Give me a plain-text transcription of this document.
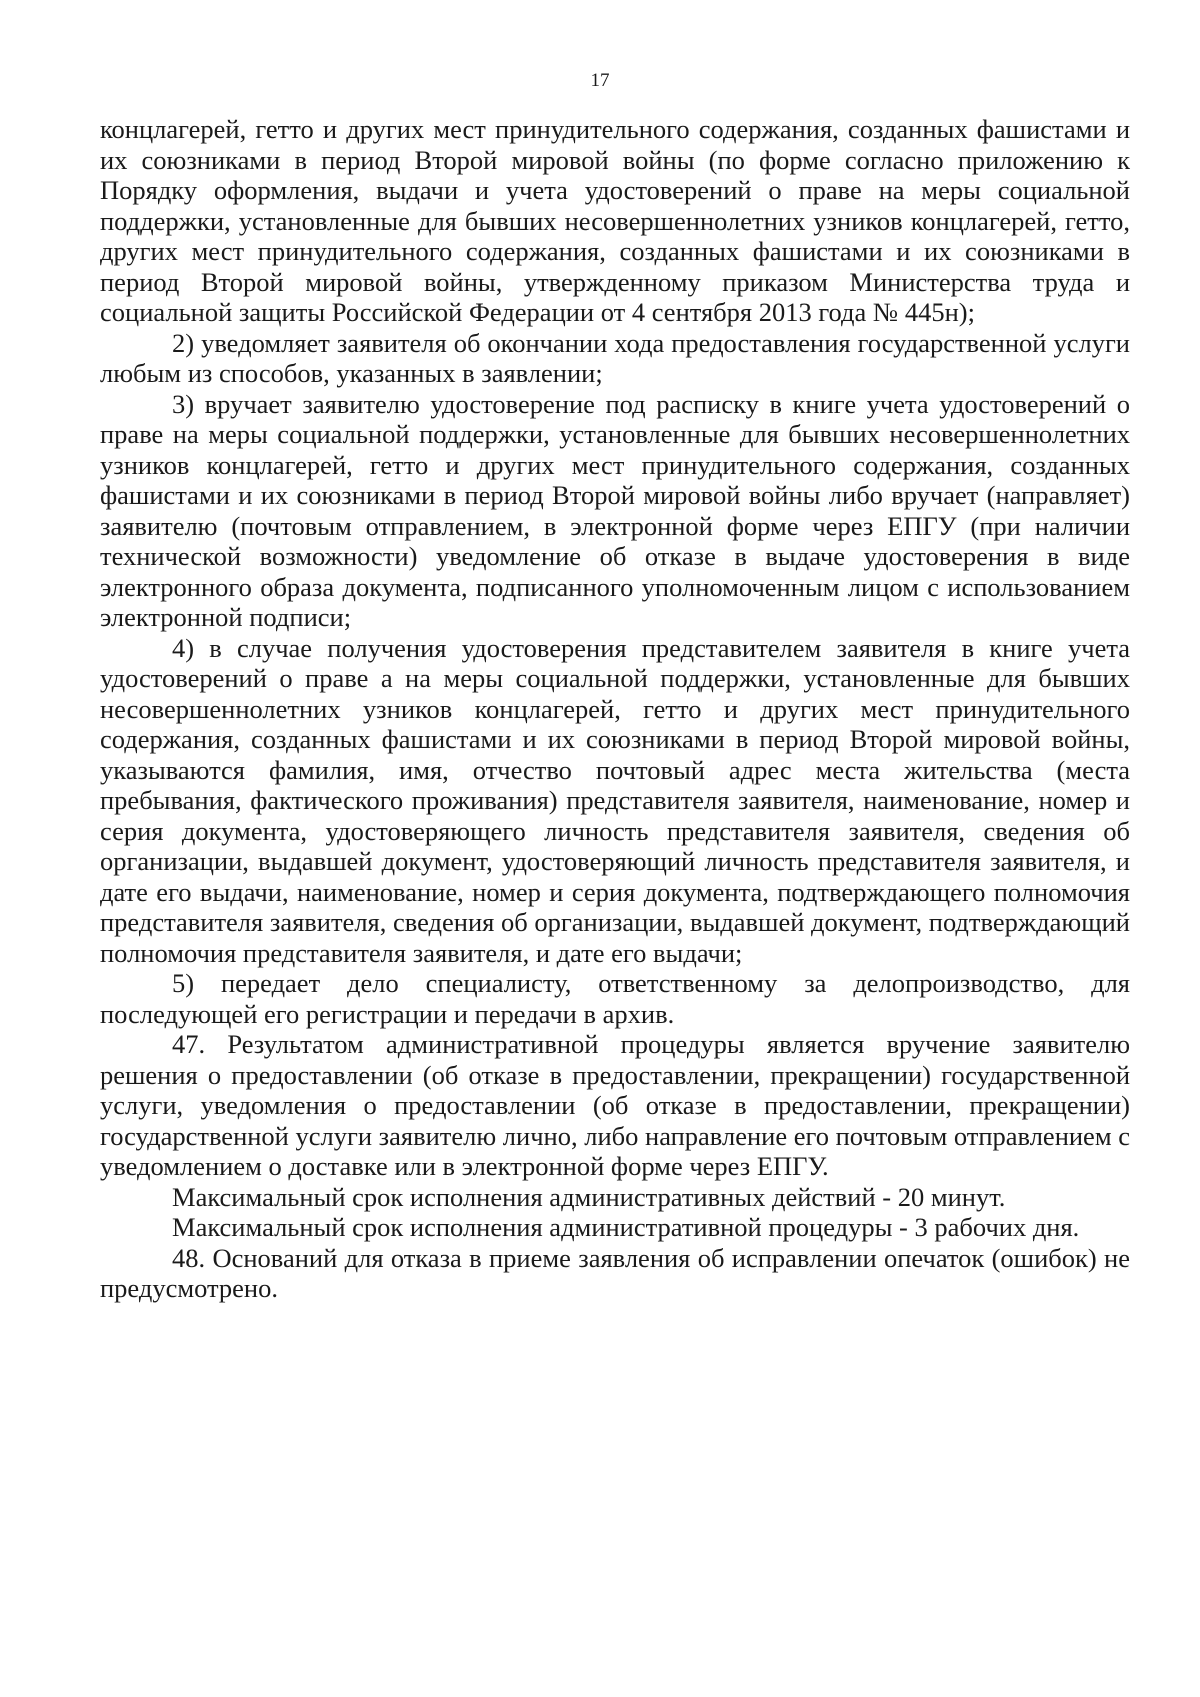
17

концлагерей, гетто и других мест принудительного содержания, созданных фашистами и их союзниками в период Второй мировой войны (по форме согласно приложению к Порядку оформления, выдачи и учета удостоверений о праве на меры социальной поддержки, установленные для бывших несовершеннолетних узников концлагерей, гетто, других мест принудительного содержания, созданных фашистами и их союзниками в период Второй мировой войны, утвержденному приказом Министерства труда и социальной защиты Российской Федерации от 4 сентября 2013 года № 445н);

2) уведомляет заявителя об окончании хода предоставления государственной услуги любым из способов, указанных в заявлении;

3) вручает заявителю удостоверение под расписку в книге учета удостоверений о праве на меры социальной поддержки, установленные для бывших несовершеннолетних узников концлагерей, гетто и других мест принудительного содержания, созданных фашистами и их союзниками в период Второй мировой войны либо вручает (направляет) заявителю (почтовым отправлением, в электронной форме через ЕПГУ (при наличии технической возможности) уведомление об отказе в выдаче удостоверения в виде электронного образа документа, подписанного уполномоченным лицом с использованием электронной подписи;

4) в случае получения удостоверения представителем заявителя в книге учета удостоверений о праве а на меры социальной поддержки, установленные для бывших несовершеннолетних узников концлагерей, гетто и других мест принудительного содержания, созданных фашистами и их союзниками в период Второй мировой войны, указываются фамилия, имя, отчество почтовый адрес места жительства (места пребывания, фактического проживания) представителя заявителя, наименование, номер и серия документа, удостоверяющего личность представителя заявителя, сведения об организации, выдавшей документ, удостоверяющий личность представителя заявителя, и дате его выдачи, наименование, номер и серия документа, подтверждающего полномочия представителя заявителя, сведения об организации, выдавшей документ, подтверждающий полномочия представителя заявителя, и дате его выдачи;

5) передает дело специалисту, ответственному за делопроизводство, для последующей его регистрации и передачи в архив.

47. Результатом административной процедуры является вручение заявителю решения о предоставлении (об отказе в предоставлении, прекращении) государственной услуги, уведомления о предоставлении (об отказе в предоставлении, прекращении) государственной услуги заявителю лично, либо направление его почтовым отправлением с уведомлением о доставке или в электронной форме через ЕПГУ.

Максимальный срок исполнения административных действий - 20 минут.

Максимальный срок исполнения административной процедуры - 3 рабочих дня.

48. Оснований для отказа в приеме заявления об исправлении опечаток (ошибок) не предусмотрено.
